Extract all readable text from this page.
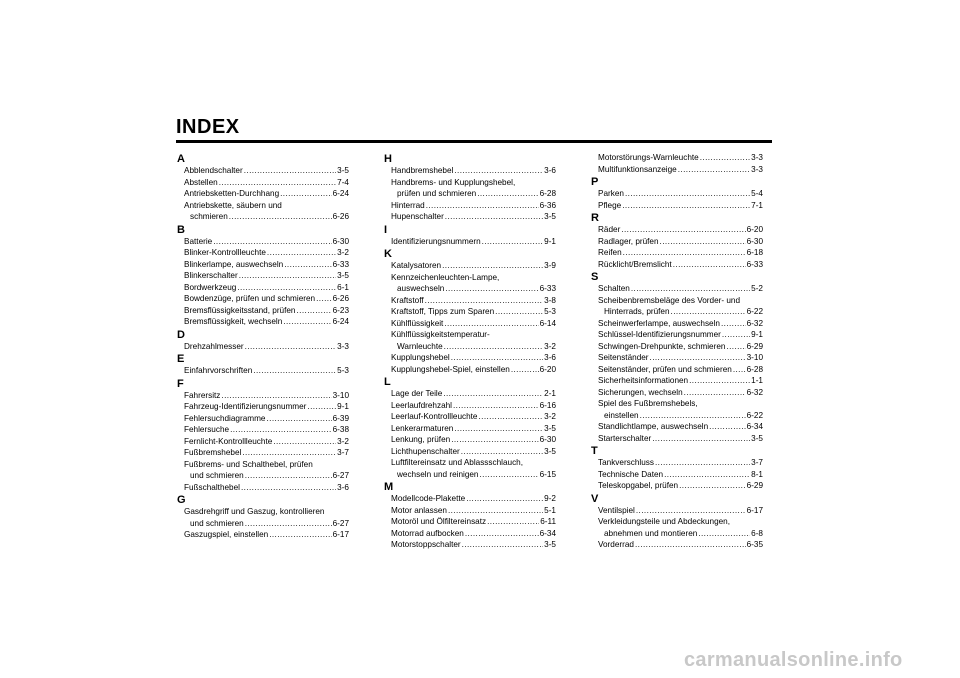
INDEX
A
Abblendschalter .....	3-5
Abstellen .....	7-4
Antriebsketten-Durchhang .....	6-24
Antriebskette, säubern und
schmieren .....	6-26
B
Batterie .....	6-30
Blinker-Kontrollleuchte .....	3-2
Blinkerlampe, auswechseln .....	6-33
Blinkerschalter .....	3-5
Bordwerkzeug .....	6-1
Bowdenzüge, prüfen und schmieren ..... 6-26
Bremsflüssigkeitsstand, prüfen .....	6-23
Bremsflüssigkeit, wechseln .....	6-24
D
Drehzahlmesser .....	3-3
E
Einfahrvorschriften .....	5-3
F
Fahrersitz .....	3-10
Fahrzeug-Identifizierungsnummer .....	9-1
Fehlersuchdiagramme .....	6-39
Fehlersuche .....	6-38
Fernlicht-Kontrollleuchte .....	3-2
Fußbremshebel .....	3-7
Fußbrems- und Schalthebel, prüfen
und schmieren .....	6-27
Fußschalthebel .....	3-6
G
Gasdrehgriff und Gaszug, kontrollieren
und schmieren .....	6-27
Gaszugspiel, einstellen .....	6-17
H
Handbremshebel .....	3-6
Handbrems- und Kupplungshebel,
prüfen und schmieren .....	6-28
Hinterrad .....	6-36
Hupenschalter .....	3-5
I
Identifizierungsnummern .....	9-1
K
Katalysatoren .....	3-9
Kennzeichenleuchten-Lampe,
auswechseln .....	6-33
Kraftstoff .....	3-8
Kraftstoff, Tipps zum Sparen .....	5-3
Kühlflüssigkeit .....	6-14
Kühlflüssigkeitstemperatur-
Warnleuchte .....	3-2
Kupplungshebel .....	3-6
Kupplungshebel-Spiel, einstellen .....	6-20
L
Lage der Teile .....	2-1
Leerlaufdrehzahl .....	6-16
Leerlauf-Kontrollleuchte .....	3-2
Lenkerarmaturen .....	3-5
Lenkung, prüfen .....	6-30
Lichthupenschalter .....	3-5
Luftfiltereinsatz und Ablassschlauch,
wechseln und reinigen .....	6-15
M
Modellcode-Plakette .....	9-2
Motor anlassen .....	5-1
Motoröl und Ölfiltereinsatz .....	6-11
Motorrad aufbocken .....	6-34
Motorstoppschalter .....	3-5
Motorstörungs-Warnleuchte .....	3-3
Multifunktionsanzeige .....	3-3
P
Parken .....	5-4
Pflege .....	7-1
R
Räder .....	6-20
Radlager, prüfen .....	6-30
Reifen .....	6-18
Rücklicht/Bremslicht .....	6-33
S
Schalten .....	5-2
Scheibenbremsbeläge des Vorder- und
Hinterrads, prüfen .....	6-22
Scheinwerferlampe, auswechseln .....	6-32
Schlüssel-Identifizierungsnummer .....	9-1
Schwingen-Drehpunkte, schmieren .....	6-29
Seitenständer .....	3-10
Seitenständer, prüfen und schmieren ..... 6-28
Sicherheitsinformationen .....	1-1
Sicherungen, wechseln .....	6-32
Spiel des Fußbremshebels,
einstellen .....	6-22
Standlichtlampe, auswechseln .....	6-34
Starterschalter .....	3-5
T
Tankverschluss .....	3-7
Technische Daten .....	8-1
Teleskopgabel, prüfen .....	6-29
V
Ventilspiel .....	6-17
Verkleidungsteile und Abdeckungen,
abnehmen und montieren .....	6-8
Vorderrad .....	6-35
carmanualsonline.info
